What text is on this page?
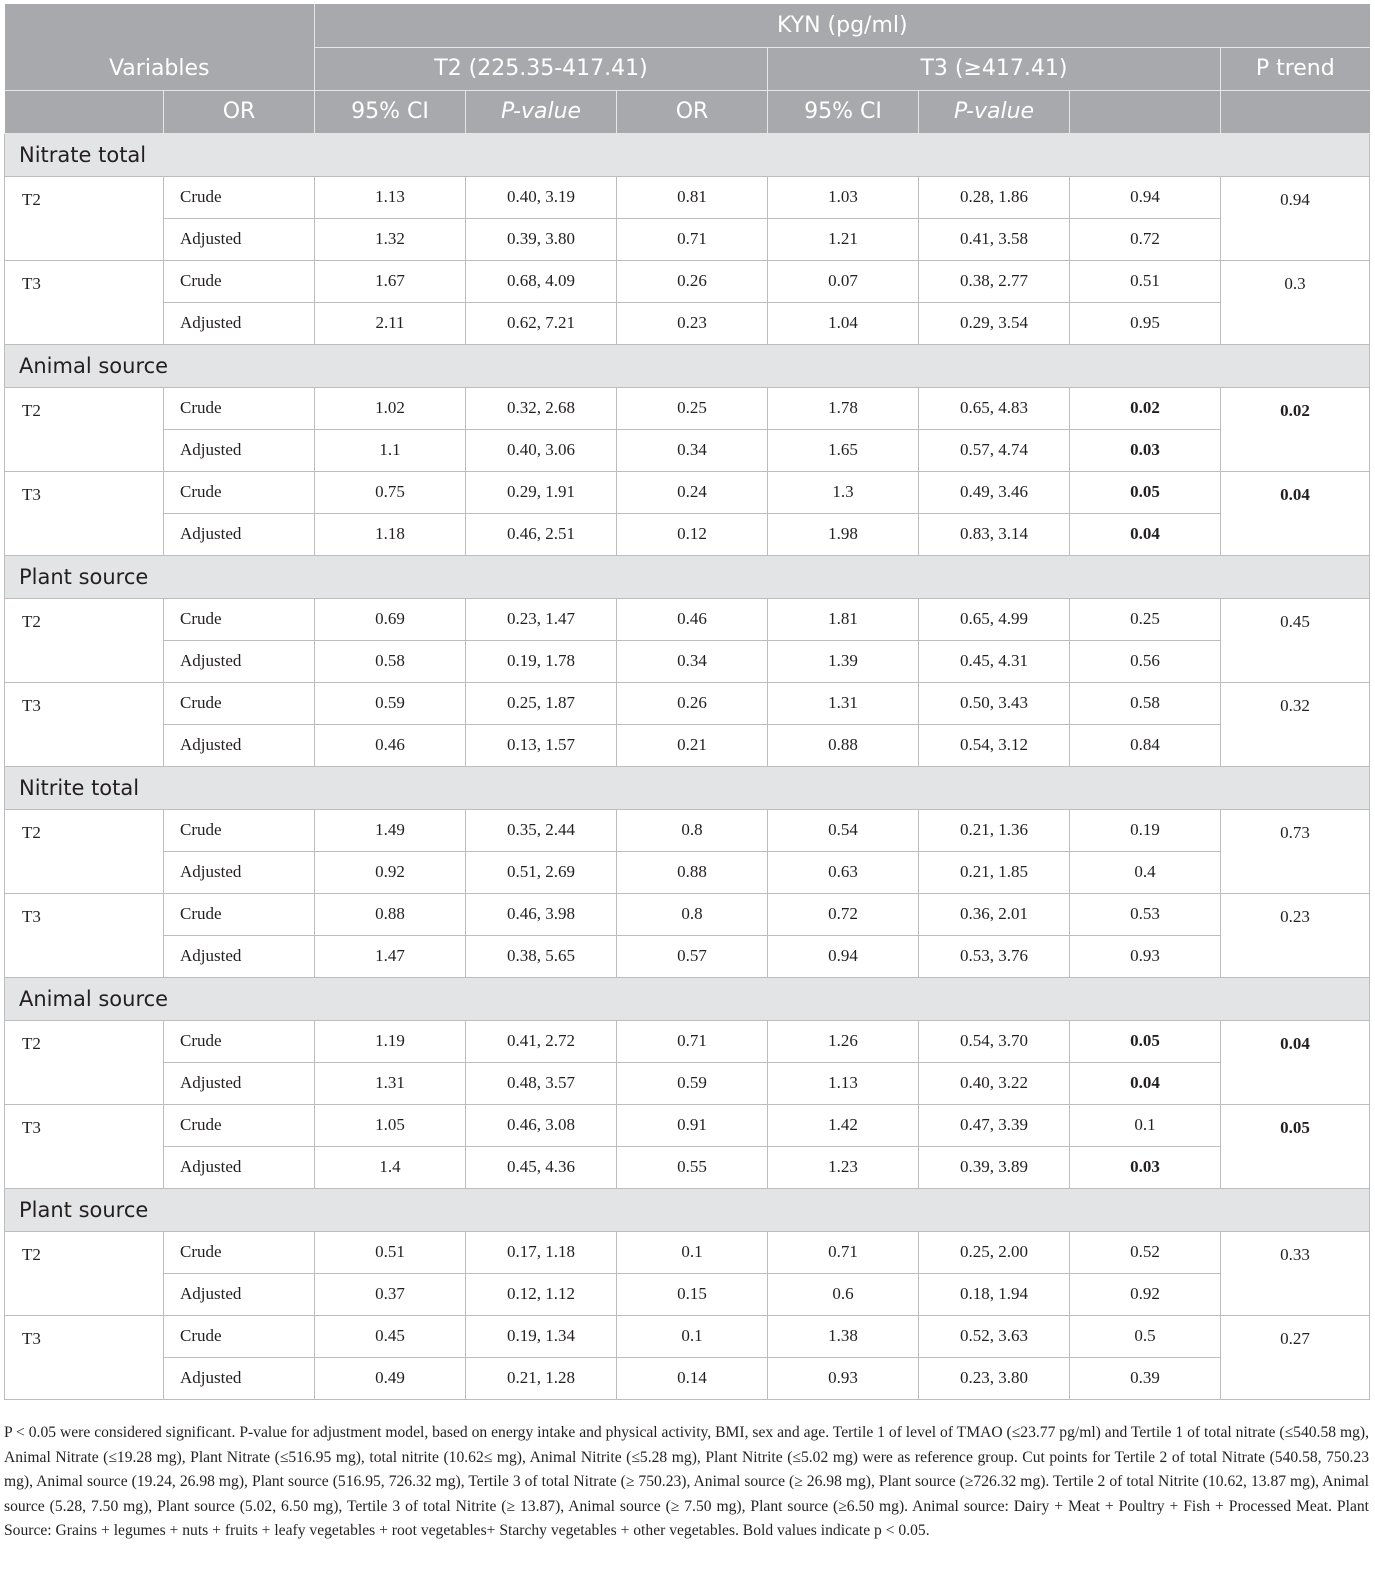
		KYN (pg/ml)						
Variables		T2 (225.35-417.41)			T3 (≥417.41)			P trend
	OR	95% CI	P-value	OR	95% CI	P-value		
Nitrate total								
T2	Crude	1.13	0.40, 3.19	0.81	1.03	0.28, 1.86	0.94	0.94
	Adjusted	1.32	0.39, 3.80	0.71	1.21	0.41, 3.58	0.72	
T3	Crude	1.67	0.68, 4.09	0.26	0.07	0.38, 2.77	0.51	0.3
	Adjusted	2.11	0.62, 7.21	0.23	1.04	0.29, 3.54	0.95	
Animal source								
T2	Crude	1.02	0.32, 2.68	0.25	1.78	0.65, 4.83	0.02	0.02
	Adjusted	1.1	0.40, 3.06	0.34	1.65	0.57, 4.74	0.03	
T3	Crude	0.75	0.29, 1.91	0.24	1.3	0.49, 3.46	0.05	0.04
	Adjusted	1.18	0.46, 2.51	0.12	1.98	0.83, 3.14	0.04	
Plant source								
T2	Crude	0.69	0.23, 1.47	0.46	1.81	0.65, 4.99	0.25	0.45
	Adjusted	0.58	0.19, 1.78	0.34	1.39	0.45, 4.31	0.56	
T3	Crude	0.59	0.25, 1.87	0.26	1.31	0.50, 3.43	0.58	0.32
	Adjusted	0.46	0.13, 1.57	0.21	0.88	0.54, 3.12	0.84	
Nitrite total								
T2	Crude	1.49	0.35, 2.44	0.8	0.54	0.21, 1.36	0.19	0.73
	Adjusted	0.92	0.51, 2.69	0.88	0.63	0.21, 1.85	0.4	
T3	Crude	0.88	0.46, 3.98	0.8	0.72	0.36, 2.01	0.53	0.23
	Adjusted	1.47	0.38, 5.65	0.57	0.94	0.53, 3.76	0.93	
Animal source								
T2	Crude	1.19	0.41, 2.72	0.71	1.26	0.54, 3.70	0.05	0.04
	Adjusted	1.31	0.48, 3.57	0.59	1.13	0.40, 3.22	0.04	
T3	Crude	1.05	0.46, 3.08	0.91	1.42	0.47, 3.39	0.1	0.05
	Adjusted	1.4	0.45, 4.36	0.55	1.23	0.39, 3.89	0.03	
Plant source								
T2	Crude	0.51	0.17, 1.18	0.1	0.71	0.25, 2.00	0.52	0.33
	Adjusted	0.37	0.12, 1.12	0.15	0.6	0.18, 1.94	0.92	
T3	Crude	0.45	0.19, 1.34	0.1	1.38	0.52, 3.63	0.5	0.27
	Adjusted	0.49	0.21, 1.28	0.14	0.93	0.23, 3.80	0.39	
P < 0.05 were considered significant. P-value for adjustment model, based on energy intake and physical activity, BMI, sex and age. Tertile 1 of level of TMAO (≤23.77 pg/ml) and Tertile 1 of total nitrate (≤540.58 mg), Animal Nitrate (≤19.28 mg), Plant Nitrate (≤516.95 mg), total nitrite (10.62≤ mg), Animal Nitrite (≤5.28 mg), Plant Nitrite (≤5.02 mg) were as reference group. Cut points for Tertile 2 of total Nitrate (540.58, 750.23 mg), Animal source (19.24, 26.98 mg), Plant source (516.95, 726.32 mg), Tertile 3 of total Nitrate (≥ 750.23), Animal source (≥ 26.98 mg), Plant source (≥726.32 mg). Tertile 2 of total Nitrite (10.62, 13.87 mg), Animal source (5.28, 7.50 mg), Plant source (5.02, 6.50 mg), Tertile 3 of total Nitrite (≥ 13.87), Animal source (≥ 7.50 mg), Plant source (≥6.50 mg). Animal source: Dairy + Meat + Poultry + Fish + Processed Meat. Plant Source: Grains + legumes + nuts + fruits + leafy vegetables + root vegetables+ Starchy vegetables + other vegetables. Bold values indicate p < 0.05.
